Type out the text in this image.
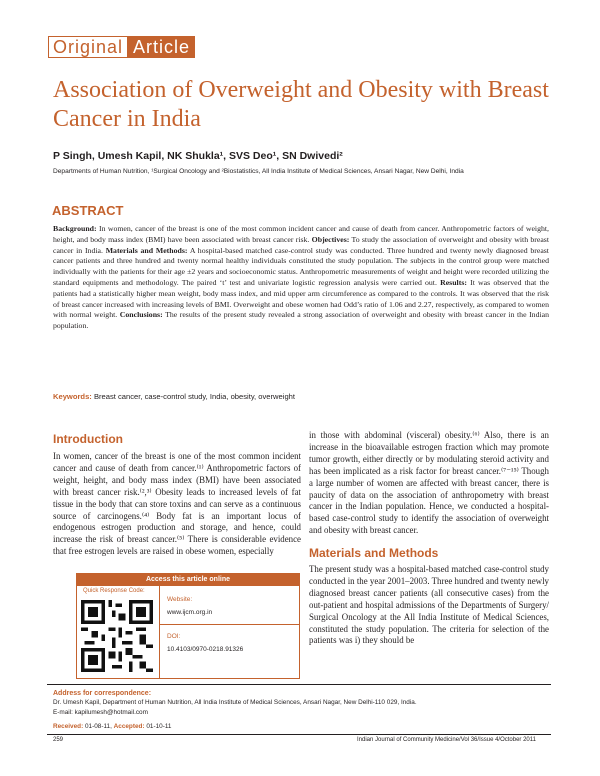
Original Article
Association of Overweight and Obesity with Breast Cancer in India
P Singh, Umesh Kapil, NK Shukla¹, SVS Deo¹, SN Dwivedi²
Departments of Human Nutrition, ¹Surgical Oncology and ²Biostatistics, All India Institute of Medical Sciences, Ansari Nagar, New Delhi, India
ABSTRACT
Background: In women, cancer of the breast is one of the most common incident cancer and cause of death from cancer. Anthropometric factors of weight, height, and body mass index (BMI) have been associated with breast cancer risk. Objectives: To study the association of overweight and obesity with breast cancer in India. Materials and Methods: A hospital-based matched case-control study was conducted. Three hundred and twenty newly diagnosed breast cancer patients and three hundred and twenty normal healthy individuals constituted the study population. The subjects in the control group were matched individually with the patients for their age ±2 years and socioeconomic status. Anthropometric measurements of weight and height were recorded utilizing the standard equipments and methodology. The paired ‘t’ test and univariate logistic regression analysis were carried out. Results: It was observed that the patients had a statistically higher mean weight, body mass index, and mid upper arm circumference as compared to the controls. It was observed that the risk of breast cancer increased with increasing levels of BMI. Overweight and obese women had Odd’s ratio of 1.06 and 2.27, respectively, as compared to women with normal weight. Conclusions: The results of the present study revealed a strong association of overweight and obesity with breast cancer in the Indian population.
Keywords: Breast cancer, case-control study, India, obesity, overweight
Introduction
In women, cancer of the breast is one of the most common incident cancer and cause of death from cancer.⁽¹⁾ Anthropometric factors of weight, height, and body mass index (BMI) have been associated with breast cancer risk.⁽²,³⁾ Obesity leads to increased levels of fat tissue in the body that can store toxins and can serve as a continuous source of carcinogens.⁽⁴⁾ Body fat is an important locus of endogenous estrogen production and storage, and hence, could increase the risk of breast cancer.⁽⁵⁾ There is considerable evidence that free estrogen levels are raised in obese women, especially
in those with abdominal (visceral) obesity.⁽⁶⁾ Also, there is an increase in the bioavailable estrogen fraction which may promote tumor growth, either directly or by modulating steroid activity and has been implicated as a risk factor for breast cancer.⁽⁷⁻¹⁵⁾ Though a large number of women are affected with breast cancer, there is paucity of data on the association of anthropometry with breast cancer in the Indian population. Hence, we conducted a hospital-based case-control study to identify the association of overweight and obesity with breast cancer.
Materials and Methods
The present study was a hospital-based matched case-control study conducted in the year 2001–2003. Three hundred and twenty newly diagnosed breast cancer patients (all consecutive cases) from the out-patient and hospital admissions of the Departments of Surgery/ Surgical Oncology at the All India Institute of Medical Sciences, constituted the study population. The criteria for selection of the patients was i) they should be
Access this article online
Quick Response Code:
Website:
www.ijcm.org.in
DOI:
10.4103/0970-0218.91326
Address for correspondence:
Dr. Umesh Kapil, Department of Human Nutrition, All India Institute of Medical Sciences, Ansari Nagar, New Delhi-110 029, India.
E-mail: kapilumesh@hotmail.com
Received: 01-08-11, Accepted: 01-10-11
259	Indian Journal of Community Medicine/Vol 36/Issue 4/October 2011
